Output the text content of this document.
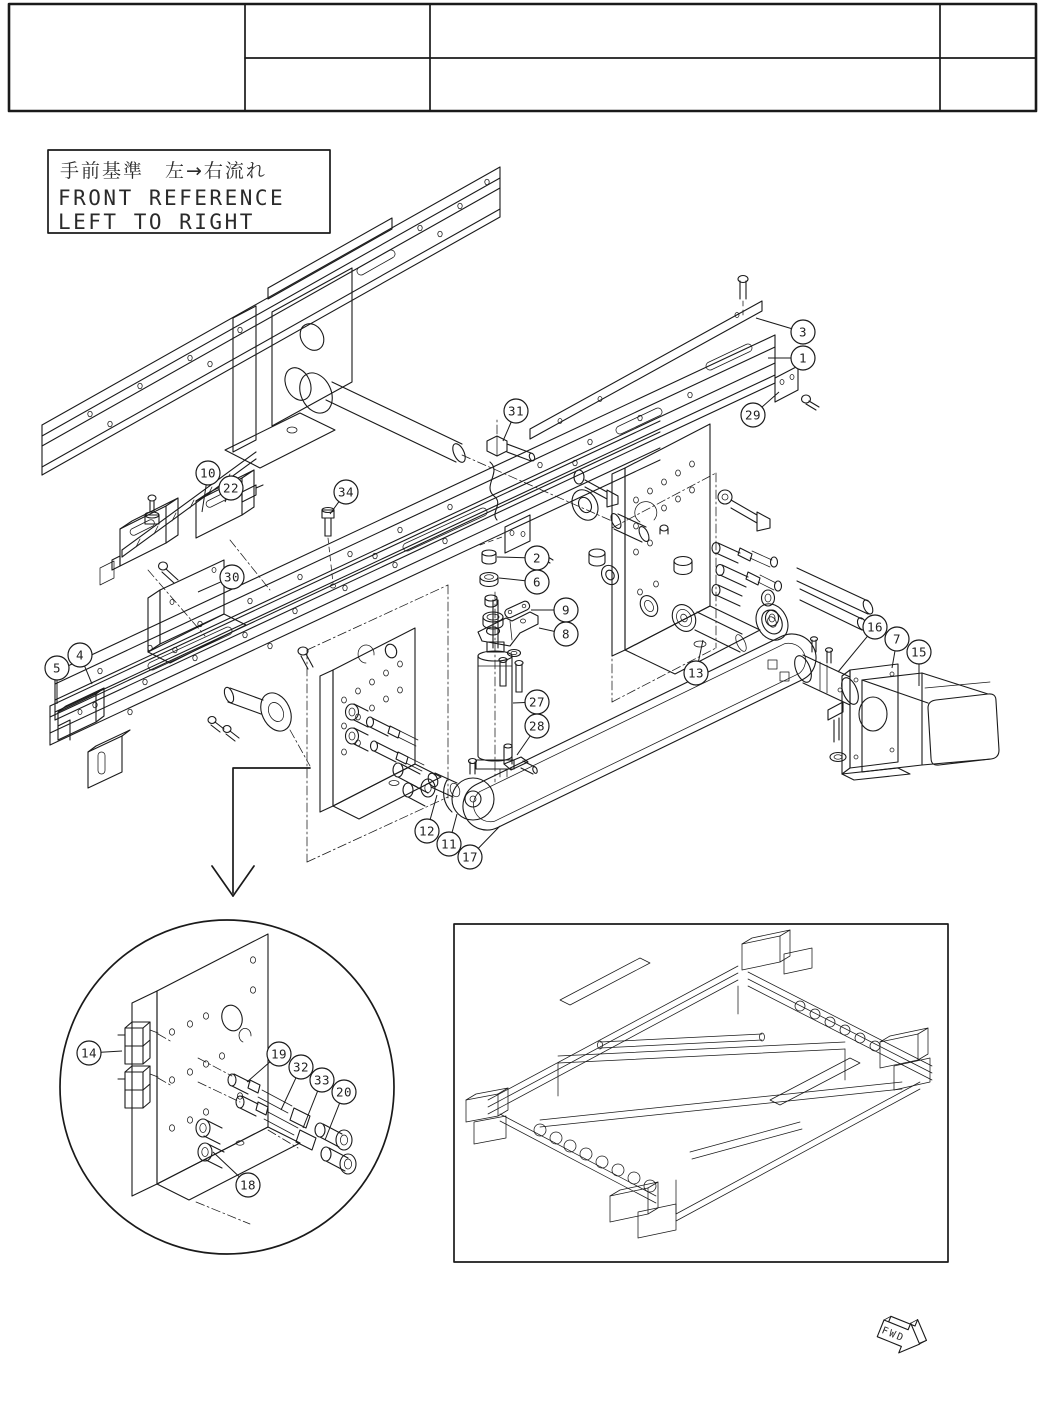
手前基準　左→右流れ
FRONT REFERENCE
LEFT TO RIGHT
FWD
3
1
29
31
10
22	34
30
2
6
9
8
13
16
7
15
5
4
27
28
12
11
17
14	19
32
33
20
18
